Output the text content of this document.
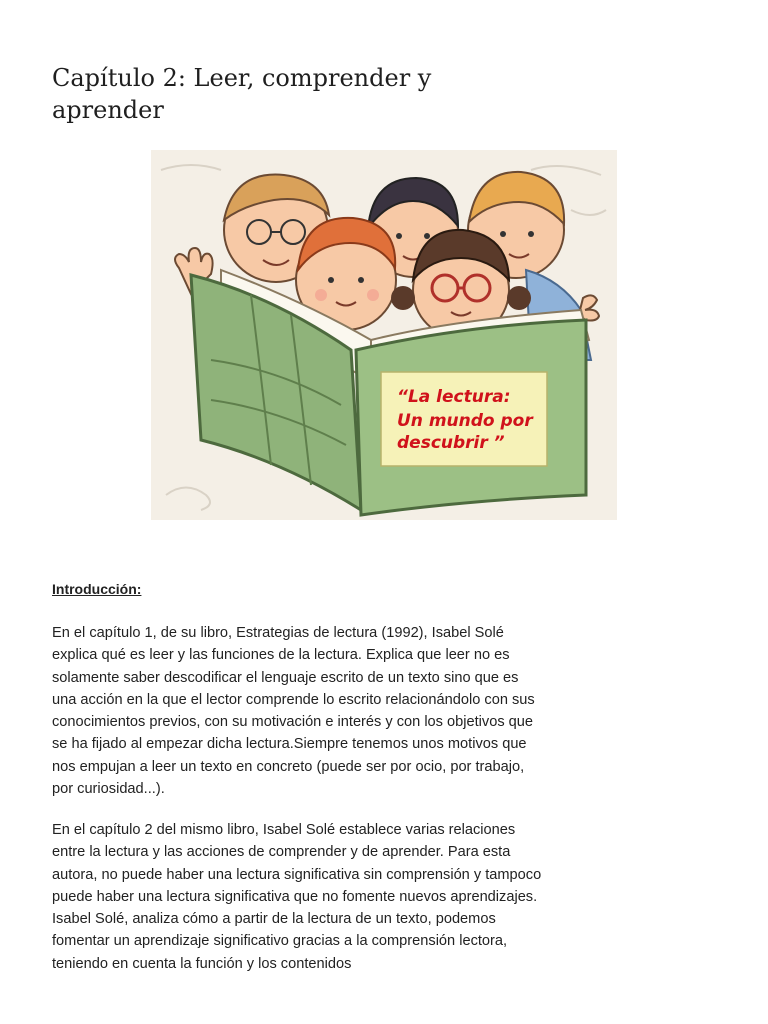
Capítulo 2: Leer, comprender y aprender
“La lectura:
Un mundo por
descubrir ”
Introducción:

En el capítulo 1, de su libro, Estrategias de lectura (1992), Isabel Solé explica qué es leer y las funciones de la lectura. Explica que leer no es solamente saber descodificar el lenguaje escrito de un texto sino que es una acción en la que el lector comprende lo escrito relacionándolo con sus conocimientos previos, con su motivación e interés y con los objetivos que se ha fijado al empezar dicha lectura.Siempre tenemos unos motivos que nos empujan a leer un texto en concreto (puede ser por ocio, por trabajo, por curiosidad...).

En el capítulo 2 del mismo libro, Isabel Solé establece varias relaciones entre la lectura y las acciones de comprender y de aprender. Para esta autora, no puede haber una lectura significativa sin comprensión y tampoco puede haber una lectura significativa que no fomente nuevos aprendizajes. Isabel Solé, analiza cómo a partir de la lectura de un texto, podemos fomentar un aprendizaje significativo gracias a la comprensión lectora, teniendo en cuenta la función y los contenidos
